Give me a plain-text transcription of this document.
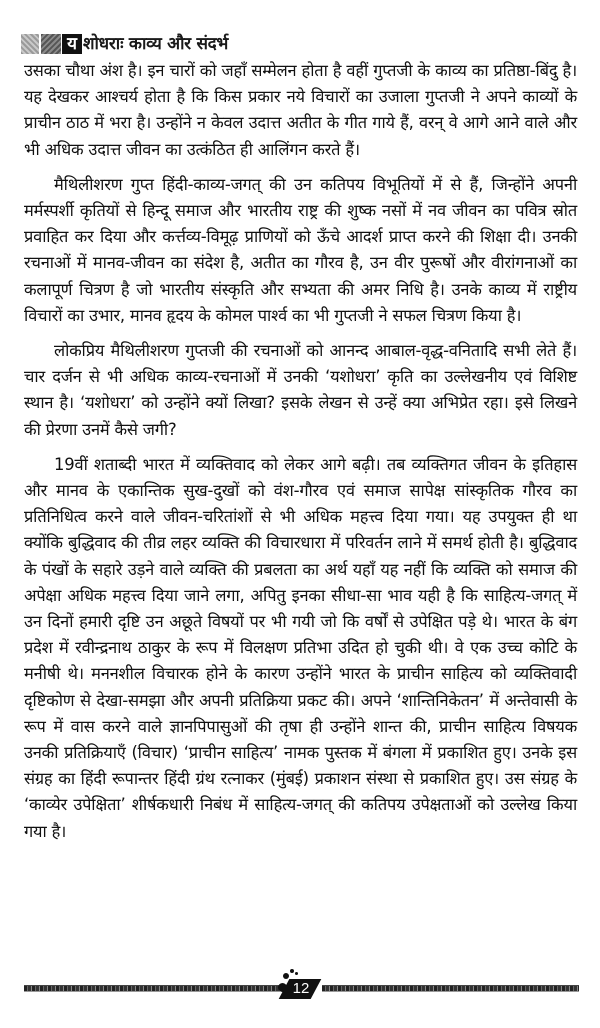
य शोधराः काव्य और संदर्भ

उसका चौथा अंश है। इन चारों को जहाँ सम्मेलन होता है वहीं गुप्तजी के काव्य का प्रतिष्ठा-बिंदु है। यह देखकर आश्चर्य होता है कि किस प्रकार नये विचारों का उजाला गुप्तजी ने अपने काव्यों के प्राचीन ठाठ में भरा है। उन्होंने न केवल उदात्त अतीत के गीत गाये हैं, वरन् वे आगे आने वाले और भी अधिक उदात्त जीवन का उत्कंठित ही आलिंगन करते हैं।

मैथिलीशरण गुप्त हिंदी-काव्य-जगत् की उन कतिपय विभूतियों में से हैं, जिन्होंने अपनी मर्मस्पर्शी कृतियों से हिन्दू समाज और भारतीय राष्ट्र की शुष्क नसों में नव जीवन का पवित्र स्रोत प्रवाहित कर दिया और कर्त्तव्य-विमूढ़ प्राणियों को ऊँचे आदर्श प्राप्त करने की शिक्षा दी। उनकी रचनाओं में मानव-जीवन का संदेश है, अतीत का गौरव है, उन वीर पुरूषों और वीरांगनाओं का कलापूर्ण चित्रण है जो भारतीय संस्कृति और सभ्यता की अमर निधि है। उनके काव्य में राष्ट्रीय विचारों का उभार, मानव हृदय के कोमल पार्श्व का भी गुप्तजी ने सफल चित्रण किया है।

लोकप्रिय मैथिलीशरण गुप्तजी की रचनाओं को आनन्द आबाल-वृद्ध-वनितादि सभी लेते हैं। चार दर्जन से भी अधिक काव्य-रचनाओं में उनकी ‘यशोधरा’ कृति का उल्लेखनीय एवं विशिष्ट स्थान है। ‘यशोधरा’ को उन्होंने क्यों लिखा? इसके लेखन से उन्हें क्या अभिप्रेत रहा। इसे लिखने की प्रेरणा उनमें कैसे जगी?

19वीं शताब्दी भारत में व्यक्तिवाद को लेकर आगे बढ़ी। तब व्यक्तिगत जीवन के इतिहास और मानव के एकान्तिक सुख-दुखों को वंश-गौरव एवं समाज सापेक्ष सांस्कृतिक गौरव का प्रतिनिधित्व करने वाले जीवन-चरितांशों से भी अधिक महत्त्व दिया गया। यह उपयुक्त ही था क्योंकि बुद्धिवाद की तीव्र लहर व्यक्ति की विचारधारा में परिवर्तन लाने में समर्थ होती है। बुद्धिवाद के पंखों के सहारे उड़ने वाले व्यक्ति की प्रबलता का अर्थ यहाँ यह नहीं कि व्यक्ति को समाज की अपेक्षा अधिक महत्त्व दिया जाने लगा, अपितु इनका सीधा-सा भाव यही है कि साहित्य-जगत् में उन दिनों हमारी दृष्टि उन अछूते विषयों पर भी गयी जो कि वर्षों से उपेक्षित पड़े थे। भारत के बंग प्रदेश में रवीन्द्रनाथ ठाकुर के रूप में विलक्षण प्रतिभा उदित हो चुकी थी। वे एक उच्च कोटि के मनीषी थे। मननशील विचारक होने के कारण उन्होंने भारत के प्राचीन साहित्य को व्यक्तिवादी दृष्टिकोण से देखा-समझा और अपनी प्रतिक्रिया प्रकट की। अपने ‘शान्तिनिकेतन’ में अन्तेवासी के रूप में वास करने वाले ज्ञानपिपासुओं की तृषा ही उन्होंने शान्त की, प्राचीन साहित्य विषयक उनकी प्रतिक्रियाएँ (विचार) ‘प्राचीन साहित्य’ नामक पुस्तक में बंगला में प्रकाशित हुए। उनके इस संग्रह का हिंदी रूपान्तर हिंदी ग्रंथ रत्नाकर (मुंबई) प्रकाशन संस्था से प्रकाशित हुए। उस संग्रह के ‘काव्येर उपेक्षिता’ शीर्षकधारी निबंध में साहित्य-जगत् की कतिपय उपेक्षताओं को उल्लेख किया गया है।

12
